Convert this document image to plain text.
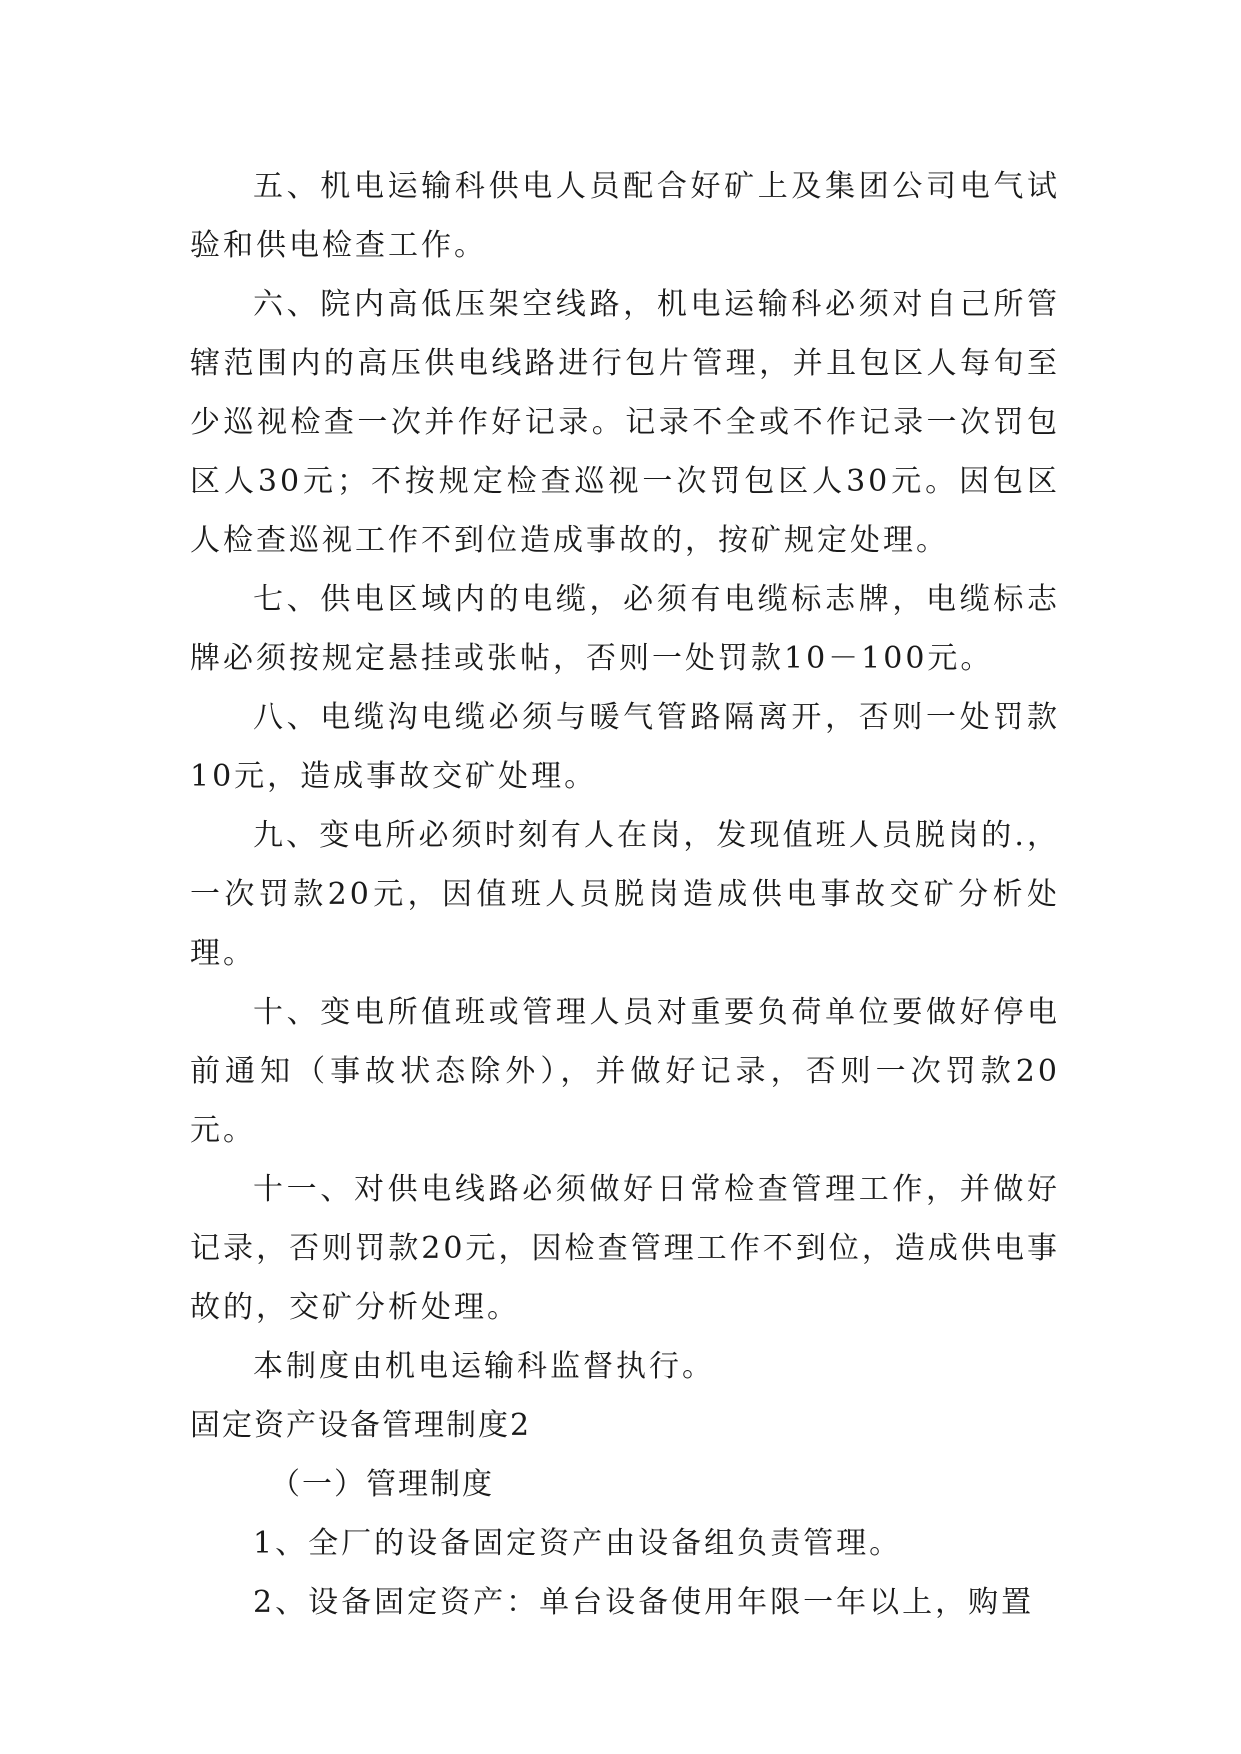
五、机电运输科供电人员配合好矿上及集团公司电气试验和供电检查工作。

六、院内高低压架空线路，机电运输科必须对自己所管辖范围内的高压供电线路进行包片管理，并且包区人每旬至少巡视检查一次并作好记录。记录不全或不作记录一次罚包区人30元；不按规定检查巡视一次罚包区人30元。因包区人检查巡视工作不到位造成事故的，按矿规定处理。

七、供电区域内的电缆，必须有电缆标志牌，电缆标志牌必须按规定悬挂或张帖，否则一处罚款10－100元。

八、电缆沟电缆必须与暖气管路隔离开，否则一处罚款10元，造成事故交矿处理。

九、变电所必须时刻有人在岗，发现值班人员脱岗的.，一次罚款20元，因值班人员脱岗造成供电事故交矿分析处理。

十、变电所值班或管理人员对重要负荷单位要做好停电前通知（事故状态除外），并做好记录，否则一次罚款20元。

十一、对供电线路必须做好日常检查管理工作，并做好记录，否则罚款20元，因检查管理工作不到位，造成供电事故的，交矿分析处理。

本制度由机电运输科监督执行。

固定资产设备管理制度2

（一）管理制度

1、全厂的设备固定资产由设备组负责管理。

2、设备固定资产：单台设备使用年限一年以上，购置
